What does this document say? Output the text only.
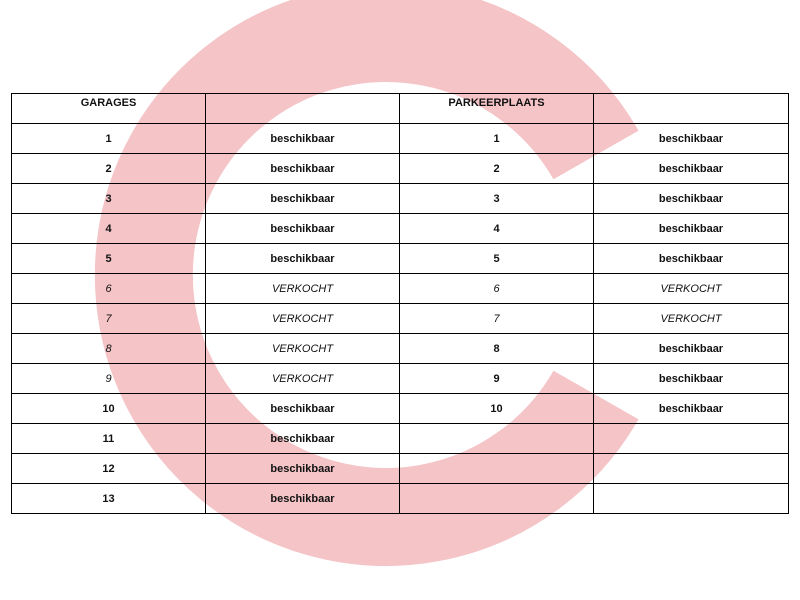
GARAGES		PARKEERPLAATS	
1	beschikbaar	1	beschikbaar
2	beschikbaar	2	beschikbaar
3	beschikbaar	3	beschikbaar
4	beschikbaar	4	beschikbaar
5	beschikbaar	5	beschikbaar
6	VERKOCHT	6	VERKOCHT
7	VERKOCHT	7	VERKOCHT
8	VERKOCHT	8	beschikbaar
9	VERKOCHT	9	beschikbaar
10	beschikbaar	10	beschikbaar
11	beschikbaar		
12	beschikbaar		
13	beschikbaar		
